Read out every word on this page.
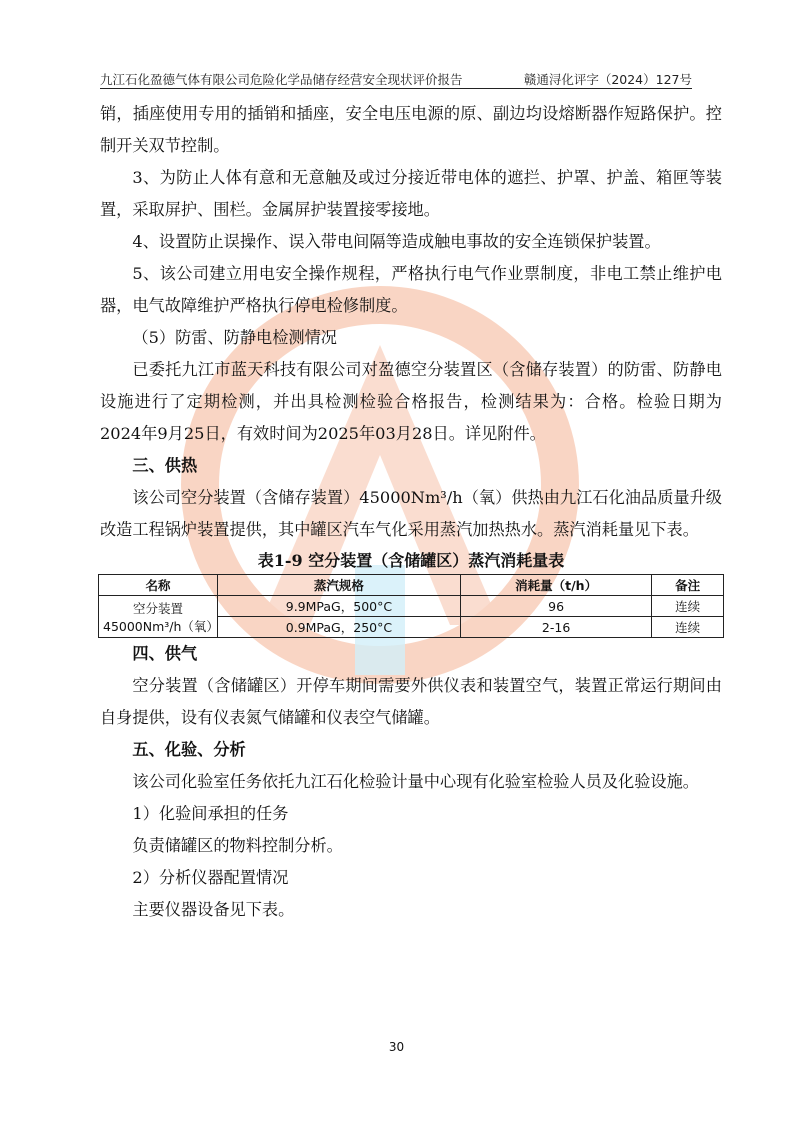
九江石化盈德气体有限公司危险化学品储存经营安全现状评价报告	赣通浔化评字（2024）127号

销，插座使用专用的插销和插座，安全电压电源的原、副边均设熔断器作短路保护。控制开关双节控制。

3、为防止人体有意和无意触及或过分接近带电体的遮拦、护罩、护盖、箱匣等装置，采取屏护、围栏。金属屏护装置接零接地。

4、设置防止误操作、误入带电间隔等造成触电事故的安全连锁保护装置。

5、该公司建立用电安全操作规程，严格执行电气作业票制度，非电工禁止维护电器，电气故障维护严格执行停电检修制度。

（5）防雷、防静电检测情况

已委托九江市蓝天科技有限公司对盈德空分装置区（含储存装置）的防雷、防静电设施进行了定期检测，并出具检测检验合格报告，检测结果为：合格。检验日期为2024年9月25日，有效时间为2025年03月28日。详见附件。

三、供热

该公司空分装置（含储存装置）45000Nm³/h（氧）供热由九江石化油品质量升级改造工程锅炉装置提供，其中罐区汽车气化采用蒸汽加热热水。蒸汽消耗量见下表。

表1-9 空分装置（含储罐区）蒸汽消耗量表
名称	蒸汽规格	消耗量（t/h）	备注
空分装置45000Nm³/h（氧）	9.9MPaG，500°C	96	连续
	0.9MPaG，250°C	2-16	连续

四、供气

空分装置（含储罐区）开停车期间需要外供仪表和装置空气，装置正常运行期间由自身提供，设有仪表氮气储罐和仪表空气储罐。

五、化验、分析

该公司化验室任务依托九江石化检验计量中心现有化验室检验人员及化验设施。

1）化验间承担的任务

负责储罐区的物料控制分析。

2）分析仪器配置情况

主要仪器设备见下表。

30
